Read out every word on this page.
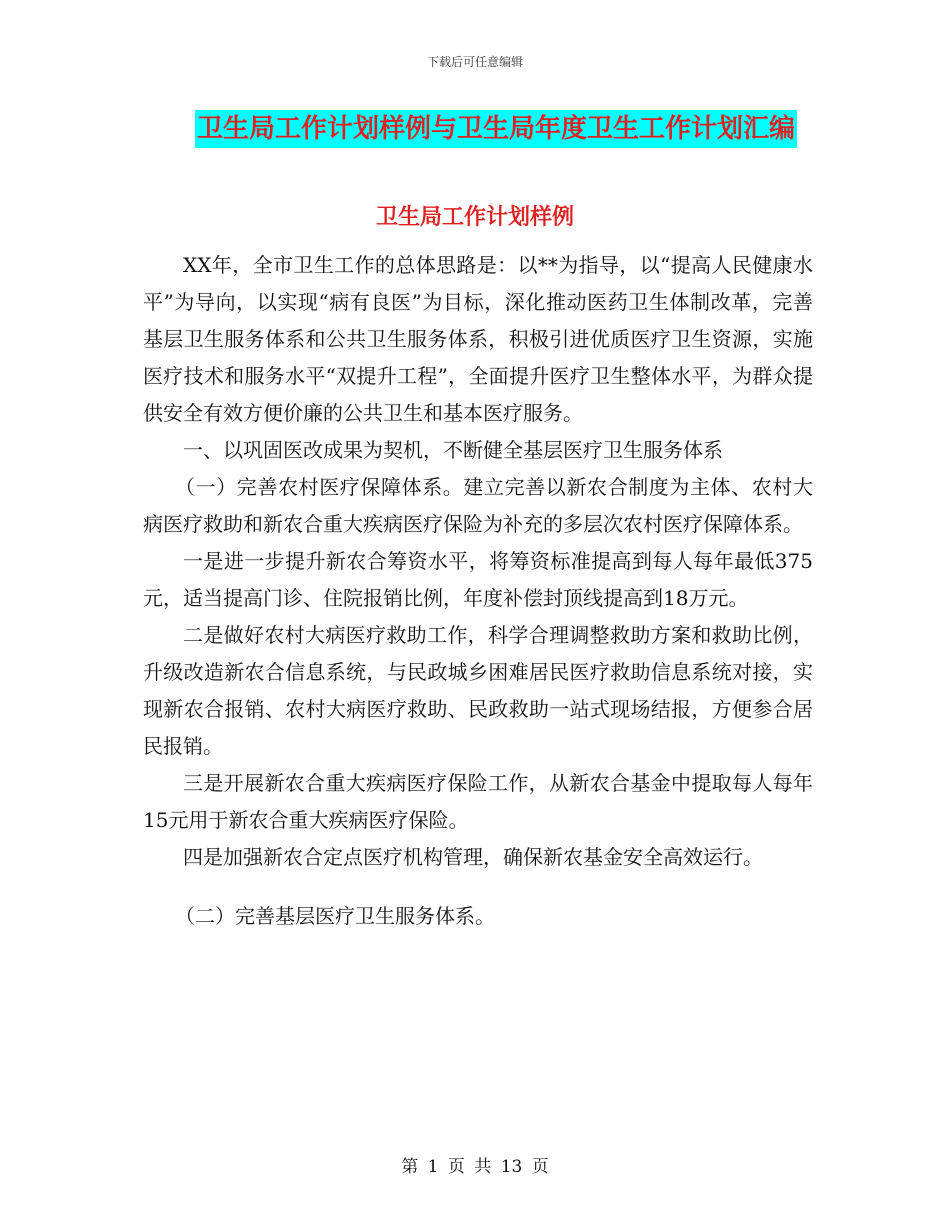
下载后可任意编辑
卫生局工作计划样例与卫生局年度卫生工作计划汇编
卫生局工作计划样例

XX年，全市卫生工作的总体思路是：以**为指导，以“提高人民健康水平”为导向，以实现“病有良医”为目标，深化推动医药卫生体制改革，完善基层卫生服务体系和公共卫生服务体系，积极引进优质医疗卫生资源，实施医疗技术和服务水平“双提升工程”，全面提升医疗卫生整体水平，为群众提供安全有效方便价廉的公共卫生和基本医疗服务。

一、以巩固医改成果为契机，不断健全基层医疗卫生服务体系

（一）完善农村医疗保障体系。建立完善以新农合制度为主体、农村大病医疗救助和新农合重大疾病医疗保险为补充的多层次农村医疗保障体系。

一是进一步提升新农合筹资水平，将筹资标准提高到每人每年最低375元，适当提高门诊、住院报销比例，年度补偿封顶线提高到18万元。

二是做好农村大病医疗救助工作，科学合理调整救助方案和救助比例，升级改造新农合信息系统，与民政城乡困难居民医疗救助信息系统对接，实现新农合报销、农村大病医疗救助、民政救助一站式现场结报，方便参合居民报销。

三是开展新农合重大疾病医疗保险工作，从新农合基金中提取每人每年15元用于新农合重大疾病医疗保险。

四是加强新农合定点医疗机构管理，确保新农基金安全高效运行。

（二）完善基层医疗卫生服务体系。

第 1 页 共 13 页
